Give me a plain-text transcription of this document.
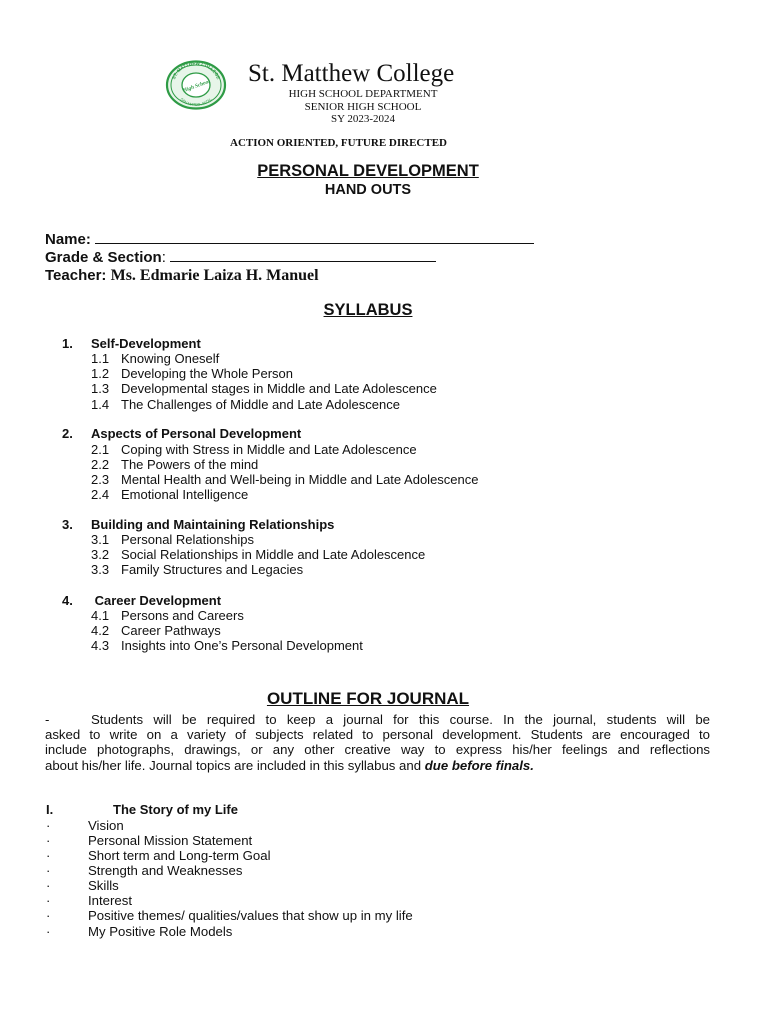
ST. MATTHEW COLLEGE
SAN MATEO, RIZAL
High School St. Matthew College
HIGH SCHOOL DEPARTMENT
SENIOR HIGH SCHOOL
SY 2023-2024
ACTION ORIENTED, FUTURE DIRECTED
PERSONAL DEVELOPMENT
HAND OUTS
Name:
Grade & Section:
Teacher: Ms. Edmarie Laiza H. Manuel
SYLLABUS
1. Self-Development
1.1 Knowing Oneself
1.2 Developing the Whole Person
1.3 Developmental stages in Middle and Late Adolescence
1.4 The Challenges of Middle and Late Adolescence
2. Aspects of Personal Development
2.1 Coping with Stress in Middle and Late Adolescence
2.2 The Powers of the mind
2.3 Mental Health and Well-being in Middle and Late Adolescence
2.4 Emotional Intelligence
3. Building and Maintaining Relationships
3.1 Personal Relationships
3.2 Social Relationships in Middle and Late Adolescence
3.3 Family Structures and Legacies
4. Career Development
4.1 Persons and Careers
4.2 Career Pathways
4.3 Insights into One’s Personal Development
OUTLINE FOR JOURNAL
-	Students will be required to keep a journal for this course. In the journal, students will be
asked to write on a variety of subjects related to personal development. Students are encouraged to
include photographs, drawings, or any other creative way to express his/her feelings and reflections
about his/her life. Journal topics are included in this syllabus and due before finals.
I.	The Story of my Life
·	Vision
·	Personal Mission Statement
·	Short term and Long-term Goal
·	Strength and Weaknesses
·	Skills
·	Interest
·	Positive themes/ qualities/values that show up in my life
·	My Positive Role Models
